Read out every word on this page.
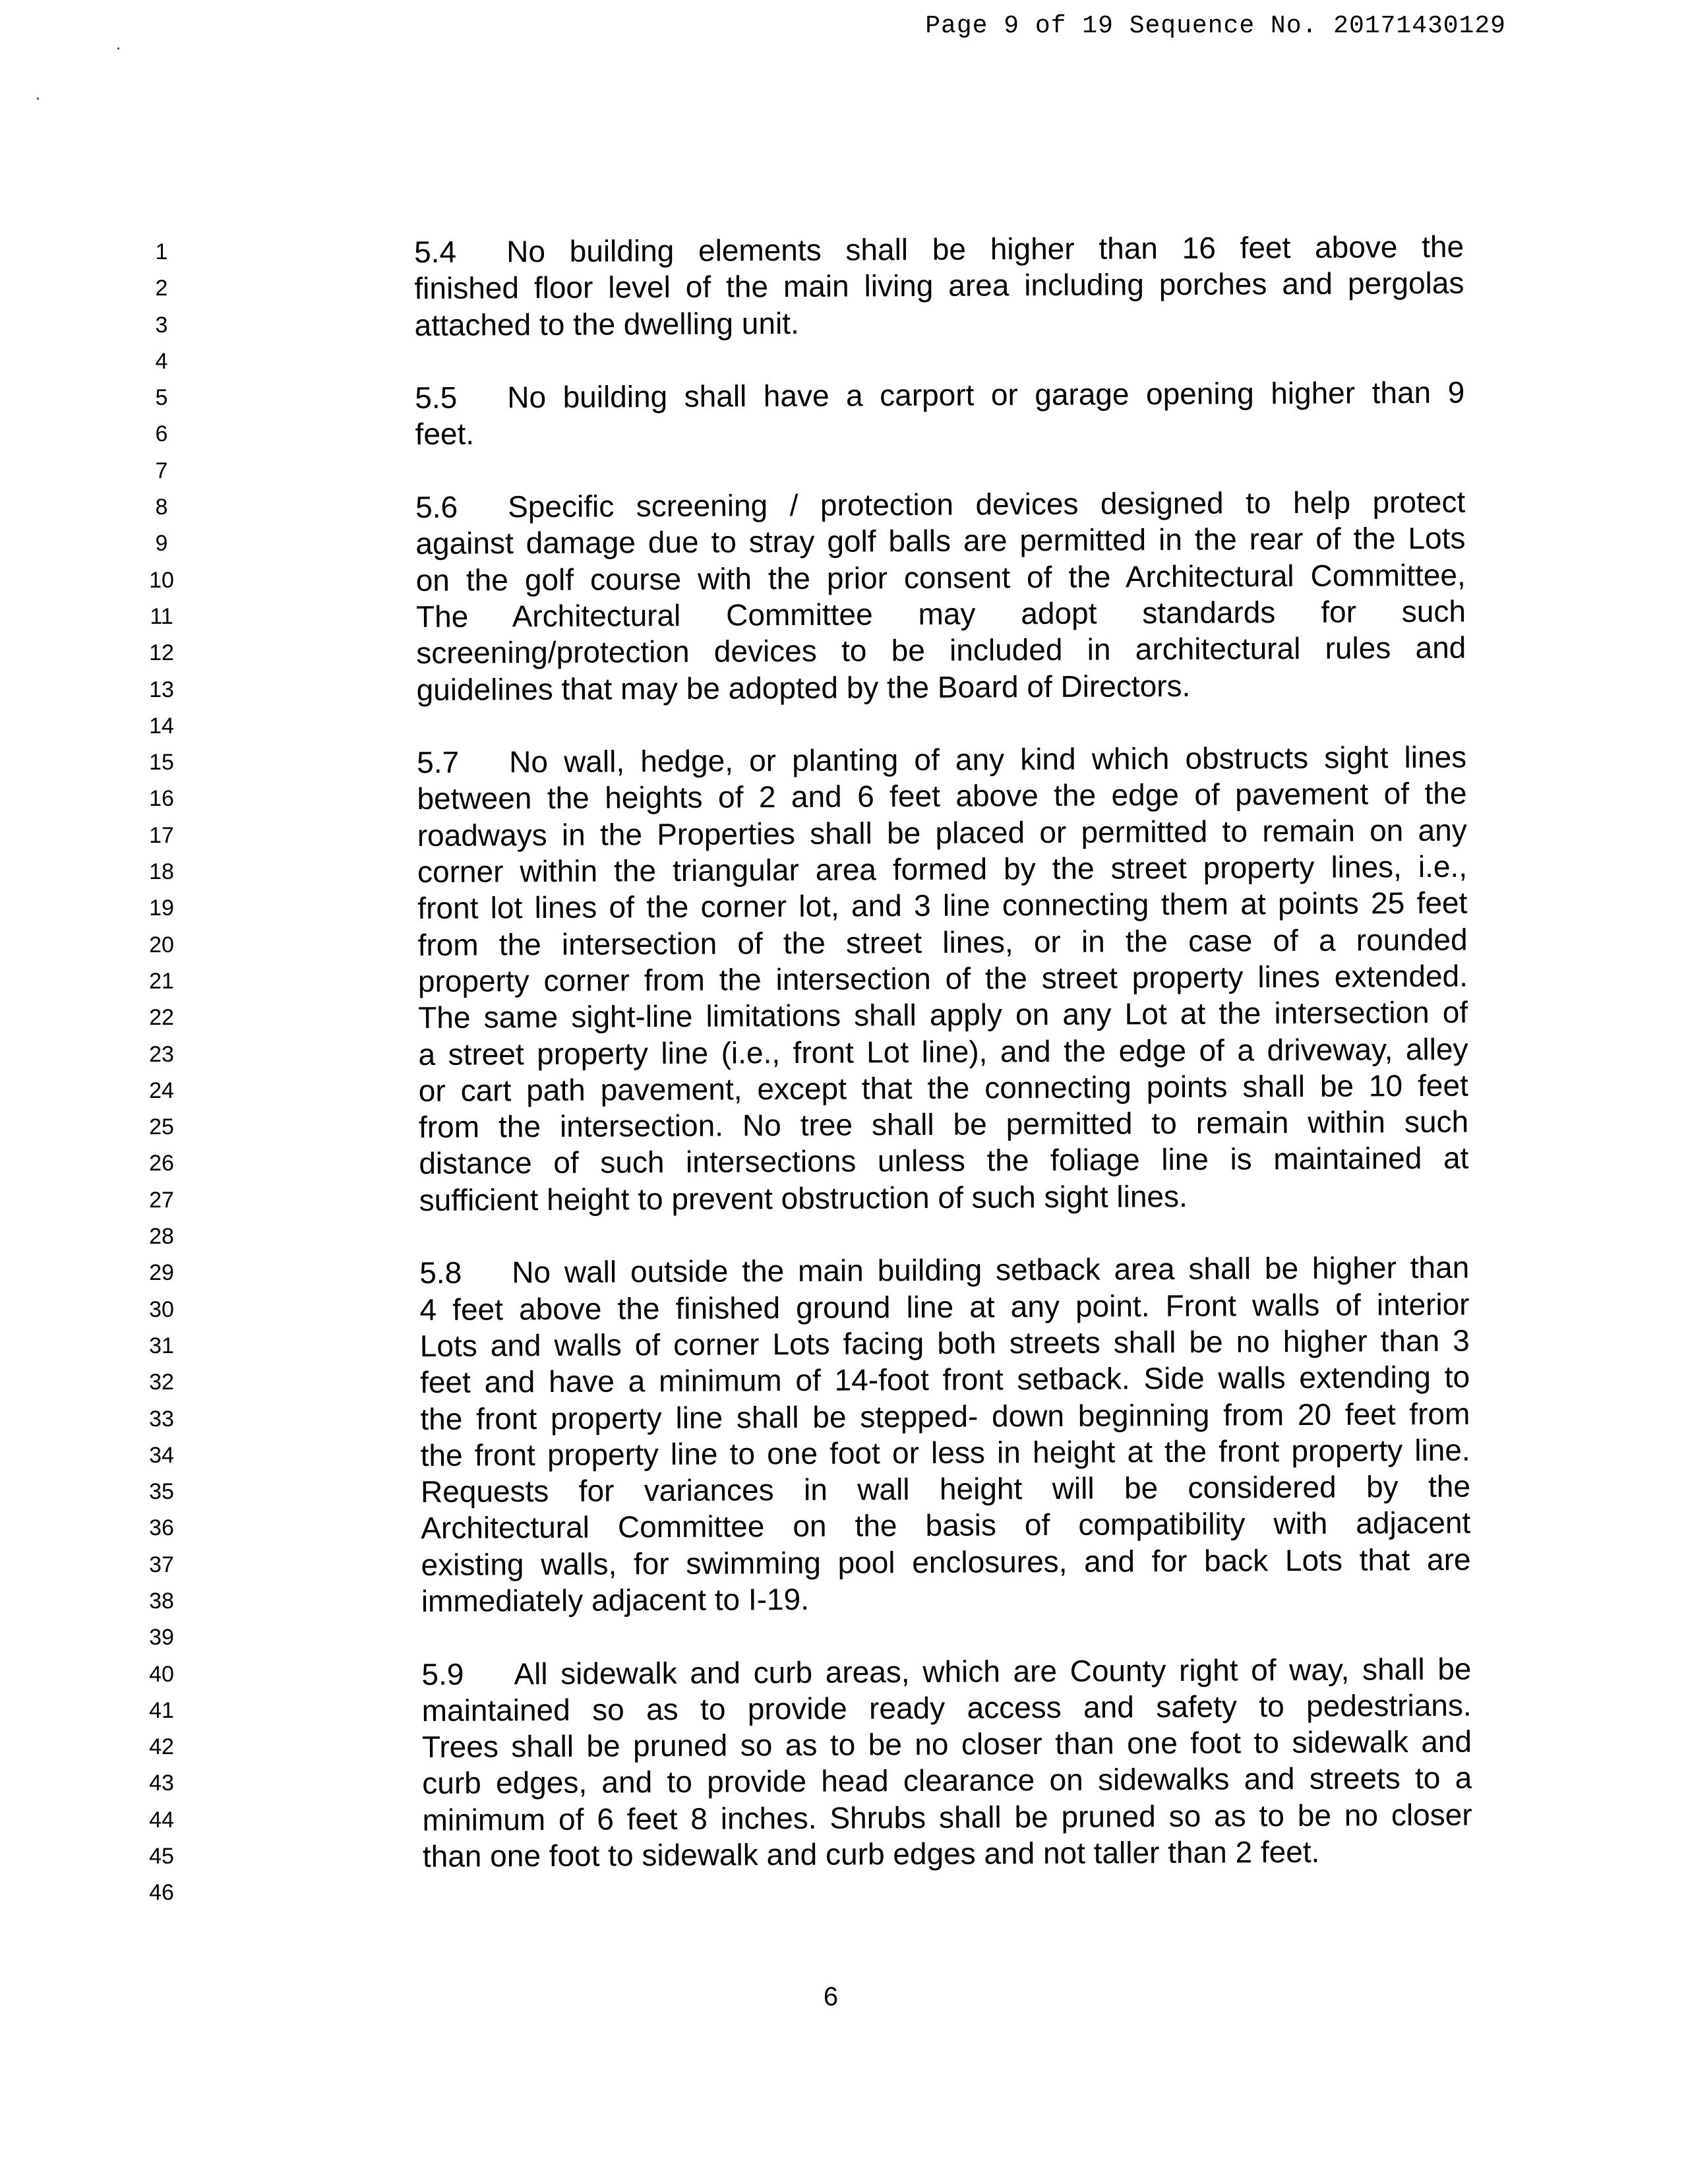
Page 9 of 19 Sequence No. 20171430129
1
2
3
4
5
6
7
8
9
10
11
12
13
14
15
16
17
18
19
20
21
22
23
24
25
26
27
28
29
30
31
32
33
34
35
36
37
38
39
40
41
42
43
44
45
46
5.4 No building elements shall be higher than 16 feet above the
finished floor level of the main living area including porches and pergolas
attached to the dwelling unit.
5.5 No building shall have a carport or garage opening higher than 9
feet.
5.6 Specific screening / protection devices designed to help protect
against damage due to stray golf balls are permitted in the rear of the Lots
on the golf course with the prior consent of the Architectural Committee,
The Architectural Committee may adopt standards for such
screening/protection devices to be included in architectural rules and
guidelines that may be adopted by the Board of Directors.
5.7 No wall, hedge, or planting of any kind which obstructs sight lines
between the heights of 2 and 6 feet above the edge of pavement of the
roadways in the Properties shall be placed or permitted to remain on any
corner within the triangular area formed by the street property lines, i.e.,
front lot lines of the corner lot, and 3 line connecting them at points 25 feet
from the intersection of the street lines, or in the case of a rounded
property corner from the intersection of the street property lines extended.
The same sight-line limitations shall apply on any Lot at the intersection of
a street property line (i.e., front Lot line), and the edge of a driveway, alley
or cart path pavement, except that the connecting points shall be 10 feet
from the intersection. No tree shall be permitted to remain within such
distance of such intersections unless the foliage line is maintained at
sufficient height to prevent obstruction of such sight lines.
5.8 No wall outside the main building setback area shall be higher than
4 feet above the finished ground line at any point. Front walls of interior
Lots and walls of corner Lots facing both streets shall be no higher than 3
feet and have a minimum of 14-foot front setback. Side walls extending to
the front property line shall be stepped- down beginning from 20 feet from
the front property line to one foot or less in height at the front property line.
Requests for variances in wall height will be considered by the
Architectural Committee on the basis of compatibility with adjacent
existing walls, for swimming pool enclosures, and for back Lots that are
immediately adjacent to I-19.
5.9 All sidewalk and curb areas, which are County right of way, shall be
maintained so as to provide ready access and safety to pedestrians.
Trees shall be pruned so as to be no closer than one foot to sidewalk and
curb edges, and to provide head clearance on sidewalks and streets to a
minimum of 6 feet 8 inches. Shrubs shall be pruned so as to be no closer
than one foot to sidewalk and curb edges and not taller than 2 feet.
6
